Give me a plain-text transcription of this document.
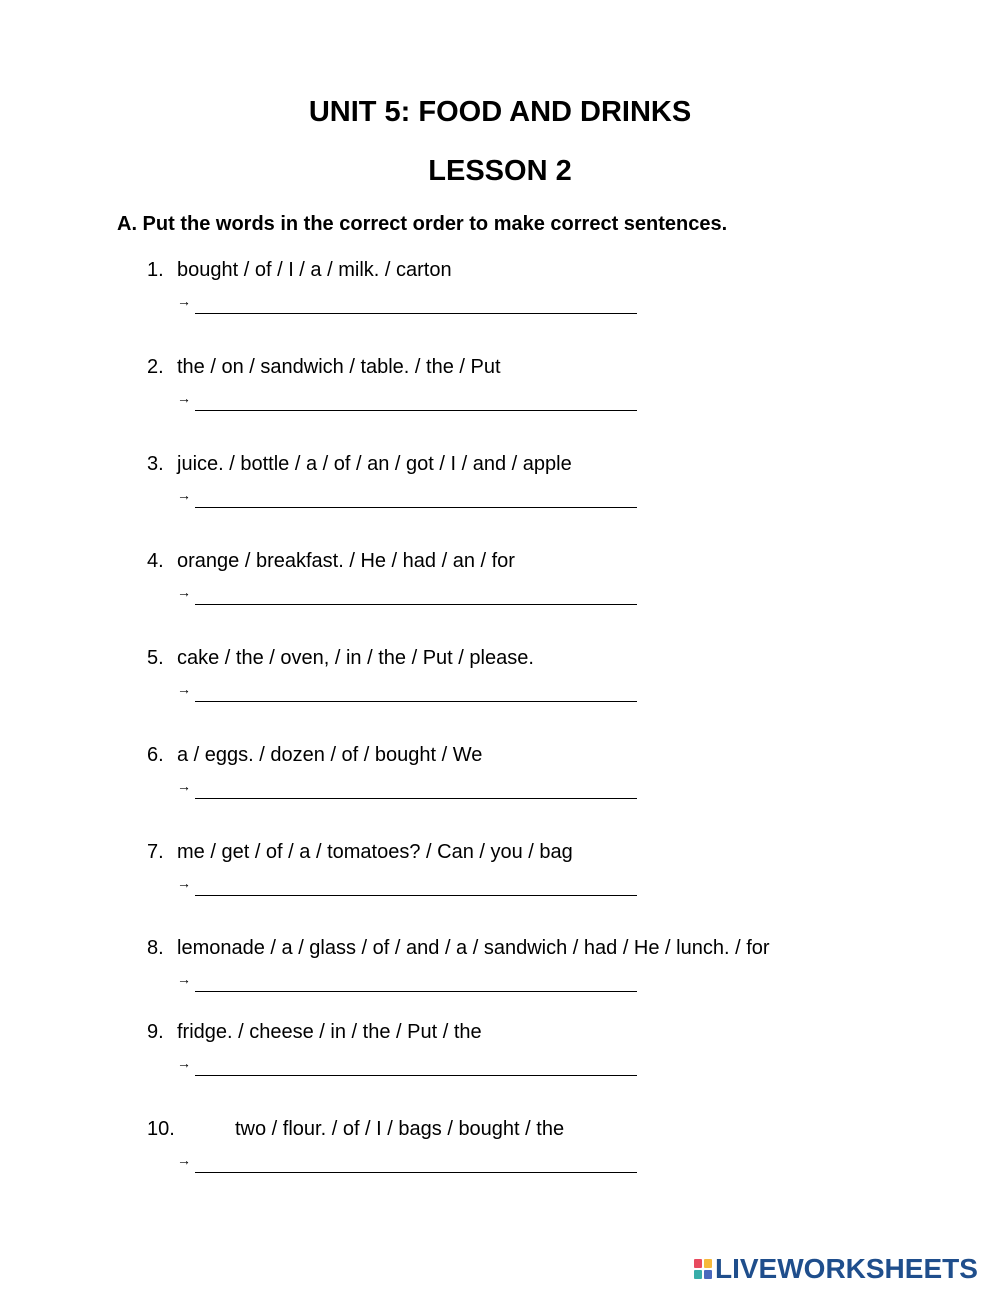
UNIT 5: FOOD AND DRINKS
LESSON 2

A. Put the words in the correct order to make correct sentences.

1. bought / of / I / a / milk. / carton
→
2. the / on / sandwich / table. / the / Put
→
3. juice. / bottle / a / of / an / got / I / and / apple
→
4. orange / breakfast. / He / had / an / for
→
5. cake / the / oven, / in / the / Put / please.
→
6. a / eggs. / dozen / of / bought / We
→
7. me / get / of / a / tomatoes? / Can / you / bag
→
8. lemonade / a / glass / of / and / a / sandwich / had / He / lunch. / for
→
9. fridge. / cheese / in / the / Put / the
→
10.	two / flour. / of / I / bags / bought / the
→
LIVEWORKSHEETS
